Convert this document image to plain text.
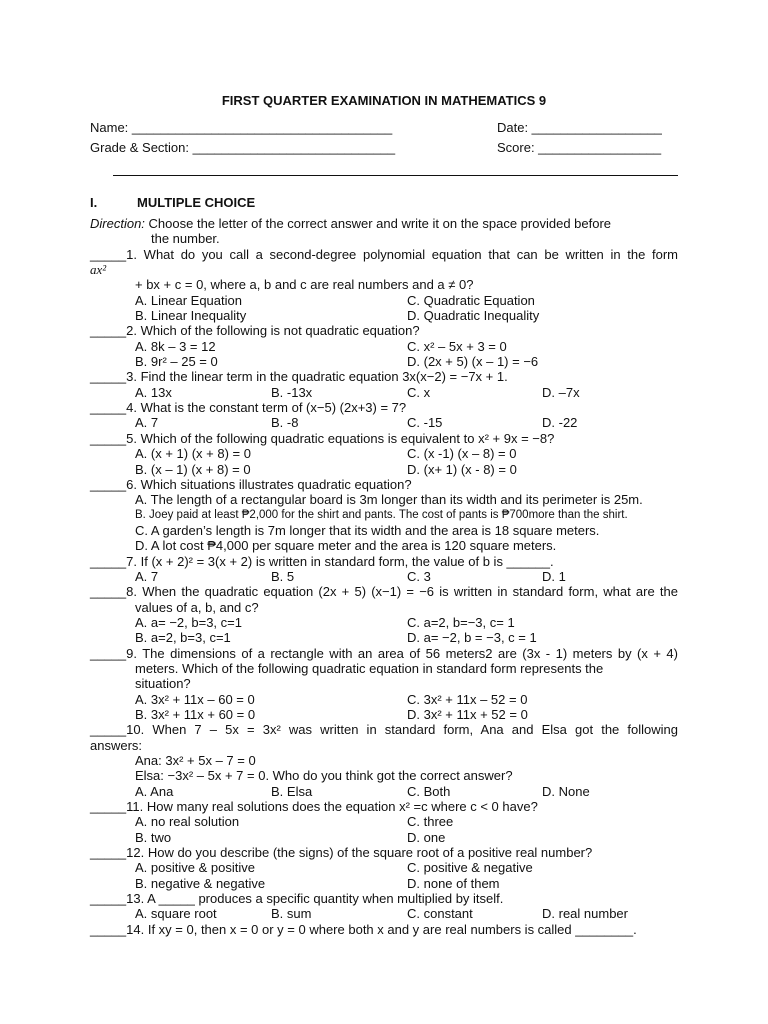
FIRST QUARTER EXAMINATION IN MATHEMATICS 9
Name: ____________________________________	Date: __________________
Grade & Section: ____________________________	Score: _________________
I.	MULTIPLE CHOICE
Direction: Choose the letter of the correct answer and write it on the space provided before
the number.
_____1. What do you call a second-degree polynomial equation that can be written in the form
ax²
+ bx + c = 0, where a, b and c are real numbers and a ≠ 0?
A. Linear Equation	C. Quadratic Equation
B. Linear Inequality	D. Quadratic Inequality
_____2. Which of the following is not quadratic equation?
A. 8k – 3 = 12	C. x² – 5x + 3 = 0
B. 9r² – 25 = 0	D. (2x + 5) (x – 1) = −6
_____3. Find the linear term in the quadratic equation 3x(x−2) = −7x + 1.
A. 13x	B. -13x	C. x	D. –7x
_____4. What is the constant term of (x−5) (2x+3) = 7?
A. 7	B. -8	C. -15	D. -22
_____5. Which of the following quadratic equations is equivalent to x² + 9x = −8?
A. (x + 1) (x + 8) = 0	C. (x -1) (x – 8) = 0
B. (x – 1) (x + 8) = 0	D. (x+ 1) (x - 8) = 0
_____6. Which situations illustrates quadratic equation?
A. The length of a rectangular board is 3m longer than its width and its perimeter is 25m.
B. Joey paid at least ₱2,000 for the shirt and pants. The cost of pants is ₱700more than the shirt.
C. A garden’s length is 7m longer that its width and the area is 18 square meters.
D. A lot cost ₱4,000 per square meter and the area is 120 square meters.
_____7. If (x + 2)² = 3(x + 2) is written in standard form, the value of b is ______.
A. 7	B. 5	C. 3	D. 1
_____8. When the quadratic equation (2x + 5) (x−1) = −6 is written in standard form, what are the
values of a, b, and c?
A. a= −2, b=3, c=1	C. a=2, b=−3, c= 1
B. a=2, b=3, c=1	D. a= −2, b = −3, c = 1
_____9. The dimensions of a rectangle with an area of 56 meters2 are (3x - 1) meters by (x + 4)
meters. Which of the following quadratic equation in standard form represents the
situation?
A. 3x² + 11x – 60 = 0	C. 3x² + 11x – 52 = 0
B. 3x² + 11x + 60 = 0	D. 3x² + 11x + 52 = 0
_____10. When 7 – 5x = 3x² was written in standard form, Ana and Elsa got the following
answers:
Ana: 3x² + 5x – 7 = 0
Elsa: −3x² – 5x + 7 = 0. Who do you think got the correct answer?
A. Ana	B. Elsa	C. Both	D. None
_____11. How many real solutions does the equation x² =c where c < 0 have?
A. no real solution	C. three
B. two	D. one
_____12. How do you describe (the signs) of the square root of a positive real number?
A. positive & positive	C. positive & negative
B. negative & negative	D. none of them
_____13. A _____ produces a specific quantity when multiplied by itself.
A. square root	B. sum	C. constant	D. real number
_____14. If xy = 0, then x = 0 or y = 0 where both x and y are real numbers is called ________.
